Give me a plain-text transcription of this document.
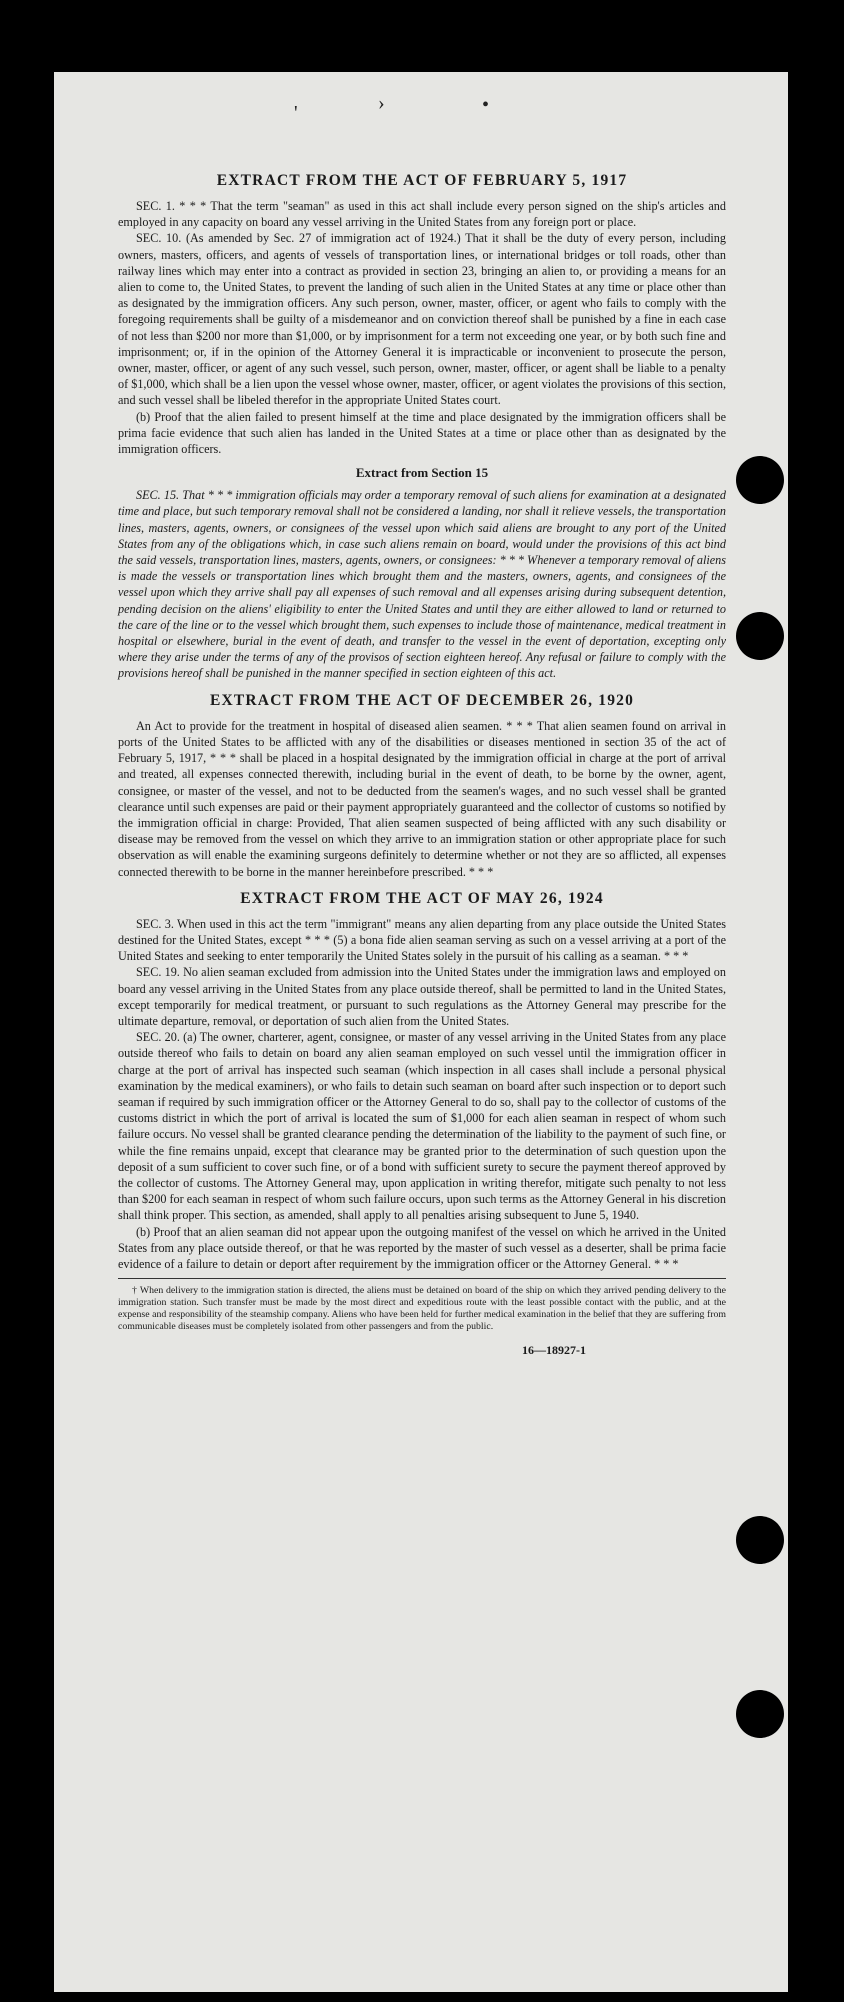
'	›	•
EXTRACT FROM THE ACT OF FEBRUARY 5, 1917

SEC. 1. * * * That the term "seaman" as used in this act shall include every person signed on the ship's articles and employed in any capacity on board any vessel arriving in the United States from any foreign port or place.

SEC. 10. (As amended by Sec. 27 of immigration act of 1924.) That it shall be the duty of every person, including owners, masters, officers, and agents of vessels of transportation lines, or international bridges or toll roads, other than railway lines which may enter into a contract as provided in section 23, bringing an alien to, or providing a means for an alien to come to, the United States, to prevent the landing of such alien in the United States at any time or place other than as designated by the immigration officers. Any such person, owner, master, officer, or agent who fails to comply with the foregoing requirements shall be guilty of a misdemeanor and on conviction thereof shall be punished by a fine in each case of not less than $200 nor more than $1,000, or by imprisonment for a term not exceeding one year, or by both such fine and imprisonment; or, if in the opinion of the Attorney General it is impracticable or inconvenient to prosecute the person, owner, master, officer, or agent of any such vessel, such person, owner, master, officer, or agent shall be liable to a penalty of $1,000, which shall be a lien upon the vessel whose owner, master, officer, or agent violates the provisions of this section, and such vessel shall be libeled therefor in the appropriate United States court.

(b) Proof that the alien failed to present himself at the time and place designated by the immigration officers shall be prima facie evidence that such alien has landed in the United States at a time or place other than as designated by the immigration officers.

Extract from Section 15

SEC. 15. That * * * immigration officials may order a temporary removal of such aliens for examination at a designated time and place, but such temporary removal shall not be considered a landing, nor shall it relieve vessels, the transportation lines, masters, agents, owners, or consignees of the vessel upon which said aliens are brought to any port of the United States from any of the obligations which, in case such aliens remain on board, would under the provisions of this act bind the said vessels, transportation lines, masters, agents, owners, or consignees: * * * Whenever a temporary removal of aliens is made the vessels or transportation lines which brought them and the masters, owners, agents, and consignees of the vessel upon which they arrive shall pay all expenses of such removal and all expenses arising during subsequent detention, pending decision on the aliens' eligibility to enter the United States and until they are either allowed to land or returned to the care of the line or to the vessel which brought them, such expenses to include those of maintenance, medical treatment in hospital or elsewhere, burial in the event of death, and transfer to the vessel in the event of deportation, excepting only where they arise under the terms of any of the provisos of section eighteen hereof. Any refusal or failure to comply with the provisions hereof shall be punished in the manner specified in section eighteen of this act.

EXTRACT FROM THE ACT OF DECEMBER 26, 1920

An Act to provide for the treatment in hospital of diseased alien seamen. * * * That alien seamen found on arrival in ports of the United States to be afflicted with any of the disabilities or diseases mentioned in section 35 of the act of February 5, 1917, * * * shall be placed in a hospital designated by the immigration official in charge at the port of arrival and treated, all expenses connected therewith, including burial in the event of death, to be borne by the owner, agent, consignee, or master of the vessel, and not to be deducted from the seamen's wages, and no such vessel shall be granted clearance until such expenses are paid or their payment appropriately guaranteed and the collector of customs so notified by the immigration official in charge: Provided, That alien seamen suspected of being afflicted with any such disability or disease may be removed from the vessel on which they arrive to an immigration station or other appropriate place for such observation as will enable the examining surgeons definitely to determine whether or not they are so afflicted, all expenses connected therewith to be borne in the manner hereinbefore prescribed. * * *

EXTRACT FROM THE ACT OF MAY 26, 1924

SEC. 3. When used in this act the term "immigrant" means any alien departing from any place outside the United States destined for the United States, except * * * (5) a bona fide alien seaman serving as such on a vessel arriving at a port of the United States and seeking to enter temporarily the United States solely in the pursuit of his calling as a seaman. * * *

SEC. 19. No alien seaman excluded from admission into the United States under the immigration laws and employed on board any vessel arriving in the United States from any place outside thereof, shall be permitted to land in the United States, except temporarily for medical treatment, or pursuant to such regulations as the Attorney General may prescribe for the ultimate departure, removal, or deportation of such alien from the United States.

SEC. 20. (a) The owner, charterer, agent, consignee, or master of any vessel arriving in the United States from any place outside thereof who fails to detain on board any alien seaman employed on such vessel until the immigration officer in charge at the port of arrival has inspected such seaman (which inspection in all cases shall include a personal physical examination by the medical examiners), or who fails to detain such seaman on board after such inspection or to deport such seaman if required by such immigration officer or the Attorney General to do so, shall pay to the collector of customs of the customs district in which the port of arrival is located the sum of $1,000 for each alien seaman in respect of whom such failure occurs. No vessel shall be granted clearance pending the determination of the liability to the payment of such fine, or while the fine remains unpaid, except that clearance may be granted prior to the determination of such question upon the deposit of a sum sufficient to cover such fine, or of a bond with sufficient surety to secure the payment thereof approved by the collector of customs. The Attorney General may, upon application in writing therefor, mitigate such penalty to not less than $200 for each seaman in respect of whom such failure occurs, upon such terms as the Attorney General in his discretion shall think proper. This section, as amended, shall apply to all penalties arising subsequent to June 5, 1940.

(b) Proof that an alien seaman did not appear upon the outgoing manifest of the vessel on which he arrived in the United States from any place outside thereof, or that he was reported by the master of such vessel as a deserter, shall be prima facie evidence of a failure to detain or deport after requirement by the immigration officer or the Attorney General. * * *

† When delivery to the immigration station is directed, the aliens must be detained on board of the ship on which they arrived pending delivery to the immigration station. Such transfer must be made by the most direct and expeditious route with the least possible contact with the public, and at the expense and responsibility of the steamship company. Aliens who have been held for further medical examination in the belief that they are suffering from communicable diseases must be completely isolated from other passengers and from the public.

16—18927-1
